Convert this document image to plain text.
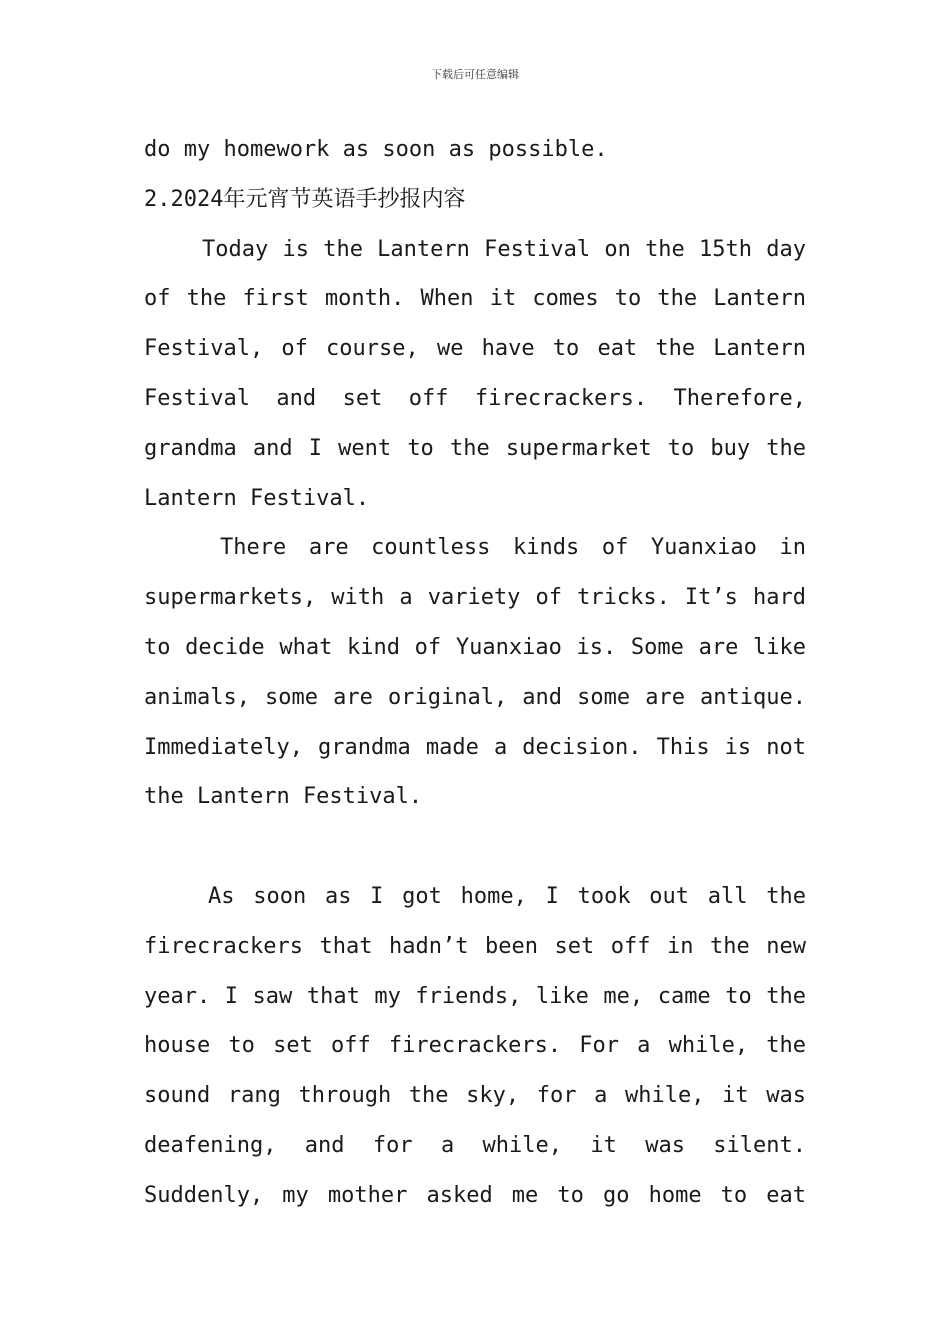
下载后可任意编辑
do my homework as soon as possible.
2.2024年元宵节英语手抄报内容
Today is the Lantern Festival on the 15th day
of the first month. When it comes to the Lantern
Festival, of course, we have to eat the Lantern
Festival and set off firecrackers. Therefore,
grandma and I went to the supermarket to buy the
Lantern Festival.
There are countless kinds of Yuanxiao in
supermarkets, with a variety of tricks. It’s hard
to decide what kind of Yuanxiao is. Some are like
animals, some are original, and some are antique.
Immediately, grandma made a decision. This is not
the Lantern Festival.
As soon as I got home, I took out all the
firecrackers that hadn’t been set off in the new
year. I saw that my friends, like me, came to the
house to set off firecrackers. For a while, the
sound rang through the sky, for a while, it was
deafening, and for a while, it was silent.
Suddenly, my mother asked me to go home to eat
